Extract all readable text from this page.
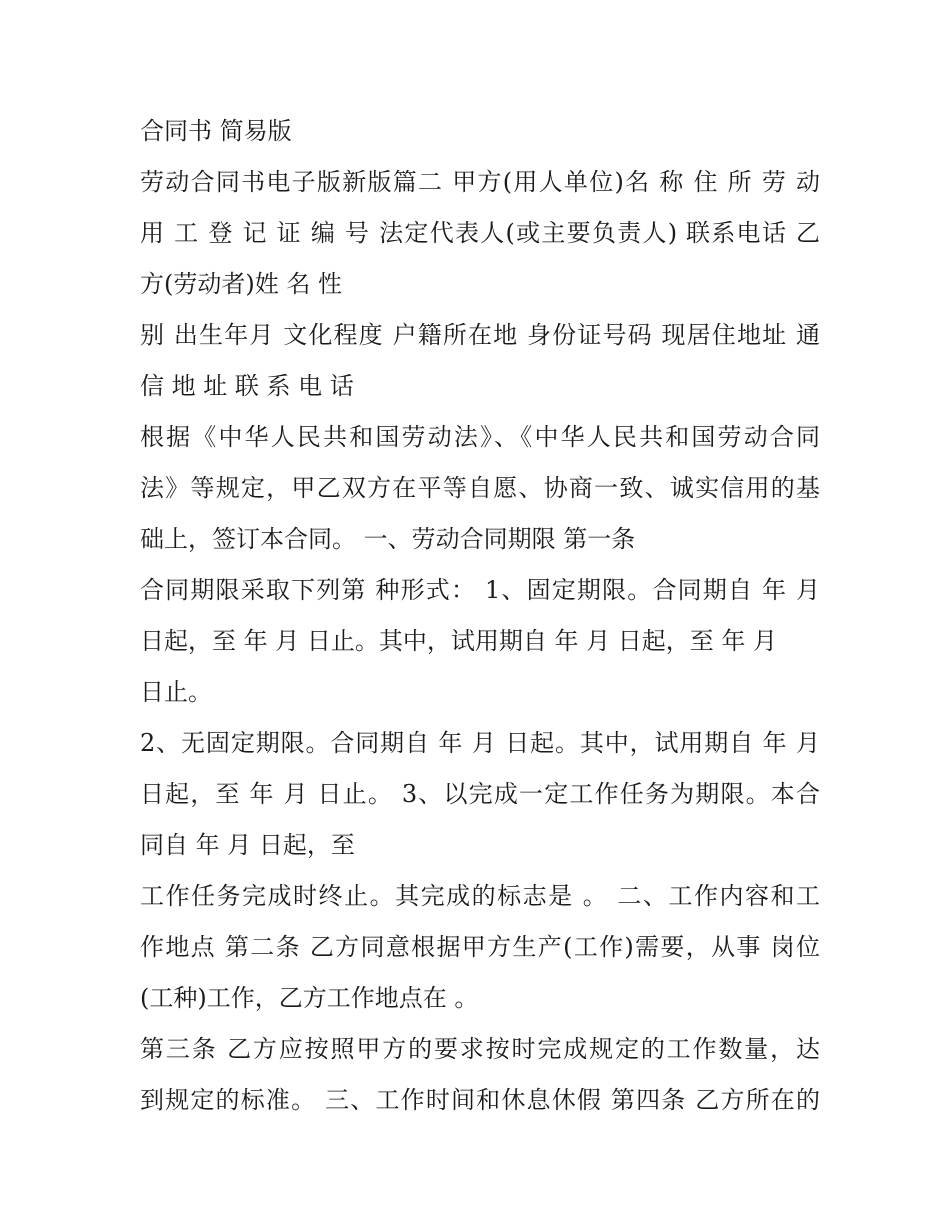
合同书 简易版
劳动合同书电子版新版篇二 甲方(用人单位)名 称 住 所 劳 动
用 工 登 记 证 编 号 法定代表人(或主要负责人) 联系电话 乙
方(劳动者)姓 名 性
别 出生年月 文化程度 户籍所在地 身份证号码 现居住地址 通
信 地 址 联 系 电 话
根据《中华人民共和国劳动法》、《中华人民共和国劳动合同
法》等规定，甲乙双方在平等自愿、协商一致、诚实信用的基
础上，签订本合同。 一、劳动合同期限 第一条
合同期限采取下列第 种形式： 1、固定期限。合同期自 年 月
日起，至 年 月 日止。其中，试用期自 年 月 日起，至 年 月
日止。
2、无固定期限。合同期自 年 月 日起。其中，试用期自 年 月
日起，至 年 月 日止。 3、以完成一定工作任务为期限。本合
同自 年 月 日起，至
工作任务完成时终止。其完成的标志是 。 二、工作内容和工
作地点 第二条 乙方同意根据甲方生产(工作)需要，从事 岗位
(工种)工作，乙方工作地点在 。
第三条 乙方应按照甲方的要求按时完成规定的工作数量，达
到规定的标准。 三、工作时间和休息休假 第四条 乙方所在的
